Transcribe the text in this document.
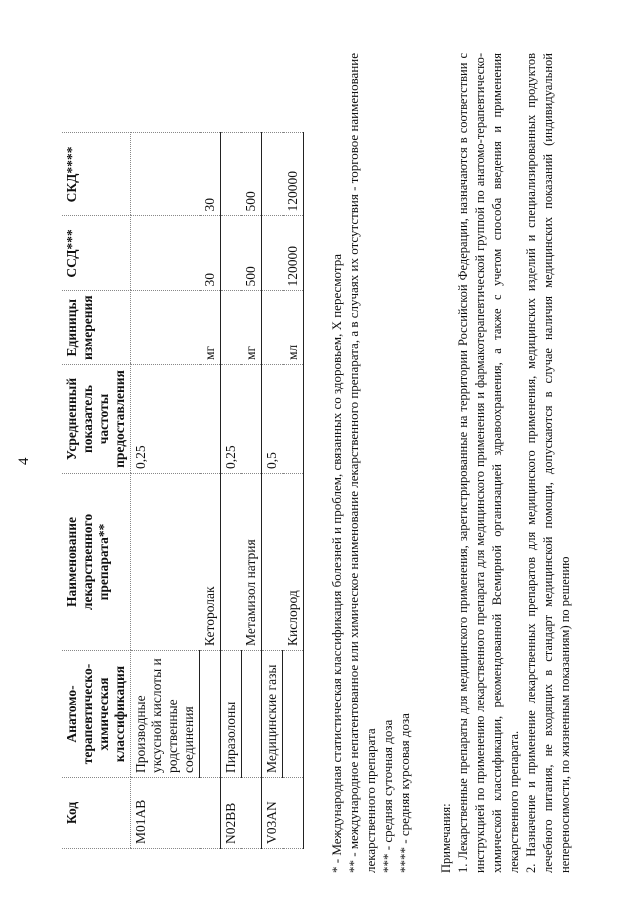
4
Код	Анатомо-терапевтическо-химическая классификация	Наименование лекарственного препарата**	Усредненный показатель частоты предоставления	Единицы измерения	ССД***	СКД****
M01AB	Производные уксусной кислоты и родственные соединения		0,25			
		Кеторолак		мг	30	30
N02BB	Пиразолоны		0,25			
		Метамизол натрия		мг	500	500
V03AN	Медицинские газы		0,5			
		Кислород		мл	120000	120000

* - Международная статистическая классификация болезней и проблем, связанных со здоровьем, X пересмотра ** - международное непатентованное или химическое наименование лекарственного препарата, а в случаях их отсутствия - торговое наименование лекарственного препарата *** - средняя суточная доза **** - средняя курсовая доза Примечания: 1. Лекарственные препараты для медицинского применения, зарегистрированные на территории Российской Федерации, назначаются в соответствии с инструкцией по применению лекарственного препарата для медицинского применения и фармакотерапевтической группой по анатомо-терапевтическо-химической классификации, рекомендованной Всемирной организацией здравоохранения, а также с учетом способа введения и применения лекарственного препарата. 2. Назначение и применение лекарственных препаратов для медицинского применения, медицинских изделий и специализированных продуктов лечебного питания, не входящих в стандарт медицинской помощи, допускаются в случае наличия медицинских показаний (индивидуальной непереносимости, по жизненным показаниям) по решению
